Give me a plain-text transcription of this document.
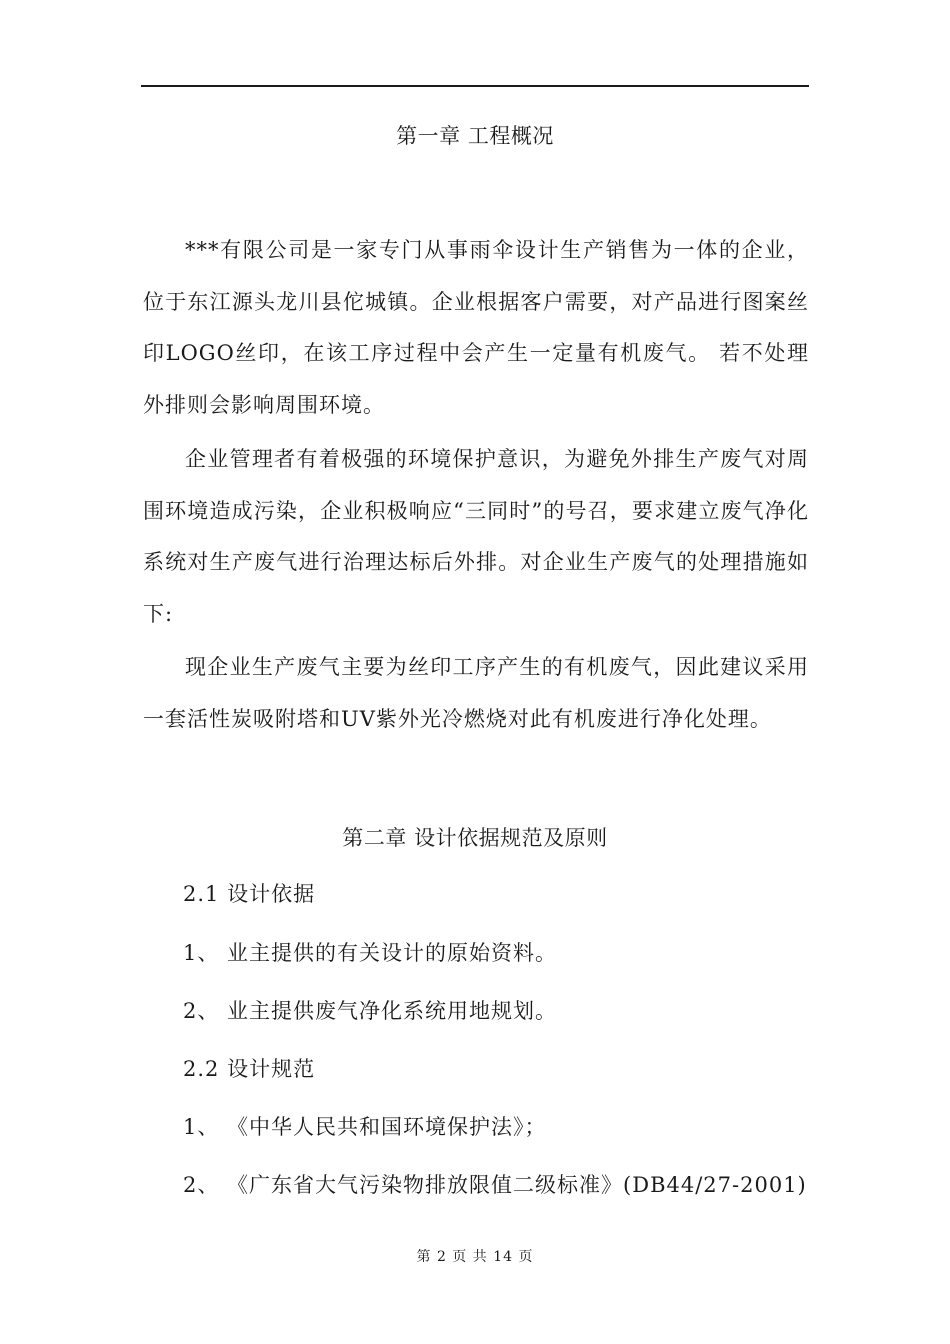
第一章 工程概况

***有限公司是一家专门从事雨伞设计生产销售为一体的企业，位于东江源头龙川县佗城镇。企业根据客户需要，对产品进行图案丝印LOGO丝印，在该工序过程中会产生一定量有机废气。 若不处理外排则会影响周围环境。

企业管理者有着极强的环境保护意识，为避免外排生产废气对周围环境造成污染，企业积极响应“三同时”的号召，要求建立废气净化系统对生产废气进行治理达标后外排。对企业生产废气的处理措施如下:

现企业生产废气主要为丝印工序产生的有机废气，因此建议采用一套活性炭吸附塔和UV紫外光冷燃烧对此有机废进行净化处理。

第二章 设计依据规范及原则
2.1 设计依据
1、 业主提供的有关设计的原始资料。
2、 业主提供废气净化系统用地规划。
2.2 设计规范
1、 《中华人民共和国环境保护法》；
2、 《广东省大气污染物排放限值二级标准》(DB44/27-2001)
第 2 页 共 14 页
